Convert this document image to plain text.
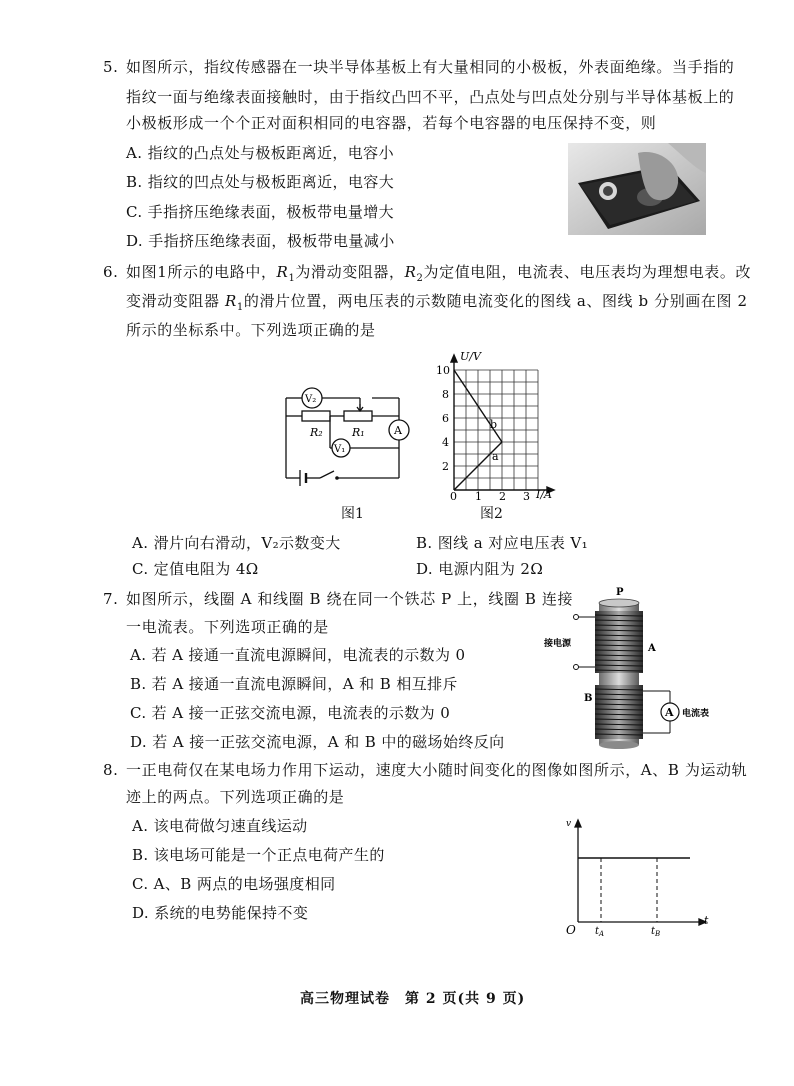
5. 如图所示，指纹传感器在一块半导体基板上有大量相同的小极板，外表面绝缘。当手指的
指纹一面与绝缘表面接触时，由于指纹凸凹不平，凸点处与凹点处分别与半导体基板上的
小极板形成一个个正对面积相同的电容器，若每个电容器的电压保持不变，则
A. 指纹的凸点处与极板距离近，电容小
B. 指纹的凹点处与极板距离近，电容大
C. 手指挤压绝缘表面，极板带电量增大
D. 手指挤压绝缘表面，极板带电量减小
6. 如图1所示的电路中，$R_1$为滑动变阻器，$R_2$为定值电阻，电流表、电压表均为理想电表。改
变滑动变阻器 $R_1$的滑片位置，两电压表的示数随电流变化的图线 a、图线 b 分别画在图 2
所示的坐标系中。下列选项正确的是
V₂
V₁
A
R₂	R₁
图1
b
a
U/V
I/A
0
2
4
6
8
10
1 2 3
图2
A. 滑片向右滑动，V₂示数变大	B. 图线 a 对应电压表 V₁
C. 定值电阻为 4Ω	D. 电源内阻为 2Ω
7. 如图所示，线圈 A 和线圈 B 绕在同一个铁芯 P 上，线圈 B 连接
一电流表。下列选项正确的是
A. 若 A 接通一直流电源瞬间，电流表的示数为 0
B. 若 A 接通一直流电源瞬间，A 和 B 相互排斥
C. 若 A 接一正弦交流电源，电流表的示数为 0
D. 若 A 接一正弦交流电源，A 和 B 中的磁场始终反向
A
P
A
B
接电源
电流表
8. 一正电荷仅在某电场力作用下运动，速度大小随时间变化的图像如图所示，A、B 为运动轨
迹上的两点。下列选项正确的是
A. 该电荷做匀速直线运动
B. 该电场可能是一个正点电荷产生的
C. A、B 两点的电场强度相同
D. 系统的电势能保持不变
v
t
O $t_A$	$t_B$
高三物理试卷　第 2 页(共 9 页)
